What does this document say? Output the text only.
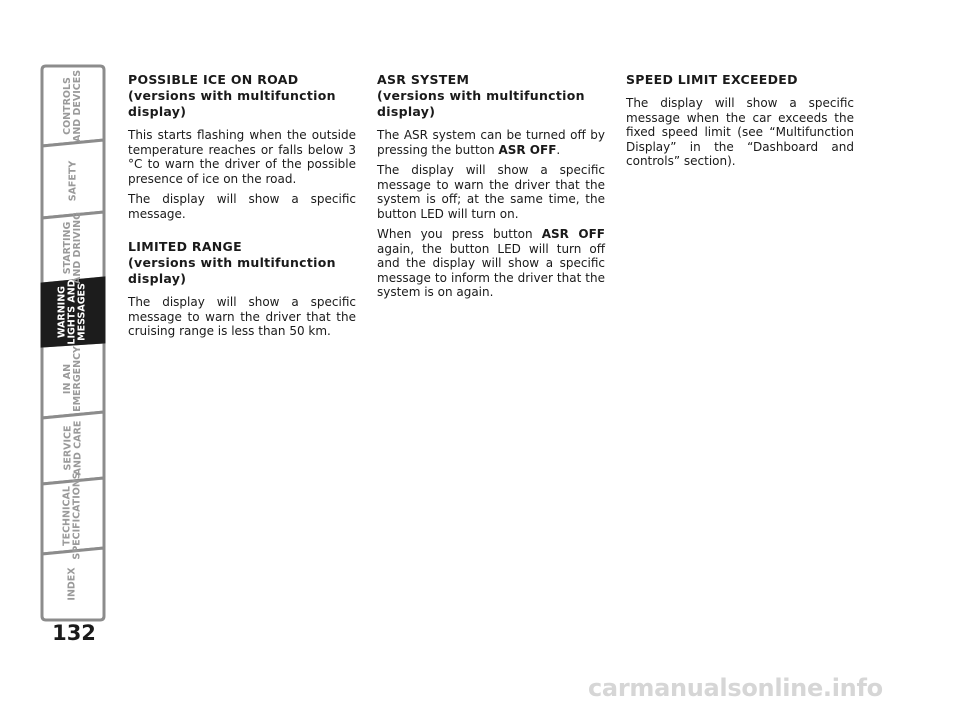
CONTROLS
AND DEVICES
SAFETY
STARTING
AND DRIVING
WARNING
LIGHTS AND
MESSAGES
IN AN
EMERGENCY
SERVICE
AND CARE
TECHNICAL
SPECIFICATIONS
INDEX
132
POSSIBLE ICE ON ROAD
(versions with multifunction display)

This starts flashing when the outside temperature reaches or falls below 3 °C to warn the driver of the possible presence of ice on the road.

The display will show a specific message.

LIMITED RANGE
(versions with multifunction display)

The display will show a specific message to warn the driver that the cruising range is less than 50 km.

ASR SYSTEM
(versions with multifunction display)

The ASR system can be turned off by pressing the button ASR OFF.

The display will show a specific message to warn the driver that the system is off; at the same time, the button LED will turn on.

When you press button ASR OFF again, the button LED will turn off and the display will show a specific message to inform the driver that the system is on again.

SPEED LIMIT EXCEEDED

The display will show a specific message when the car exceeds the fixed speed limit (see “Multifunction Display” in the “Dashboard and controls” section).

carmanualsonline.info
